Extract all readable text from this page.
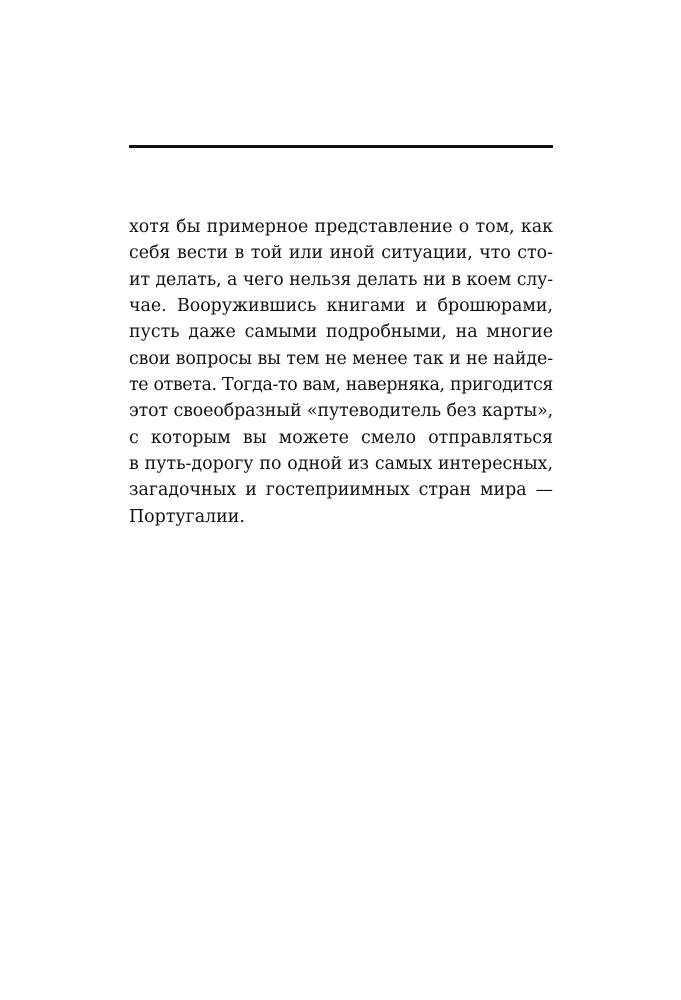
хотя бы примерное представление о том, как
себя вести в той или иной ситуации, что сто-
ит делать, а чего нельзя делать ни в коем слу-
чае. Вооружившись книгами и брошюрами,
пусть даже самыми подробными, на многие
свои вопросы вы тем не менее так и не найде-
те ответа. Тогда-то вам, наверняка, пригодится
этот своеобразный «путеводитель без карты»,
с которым вы можете смело отправляться
в путь-дорогу по одной из самых интересных,
загадочных и гостеприимных стран мира —
Португалии.
